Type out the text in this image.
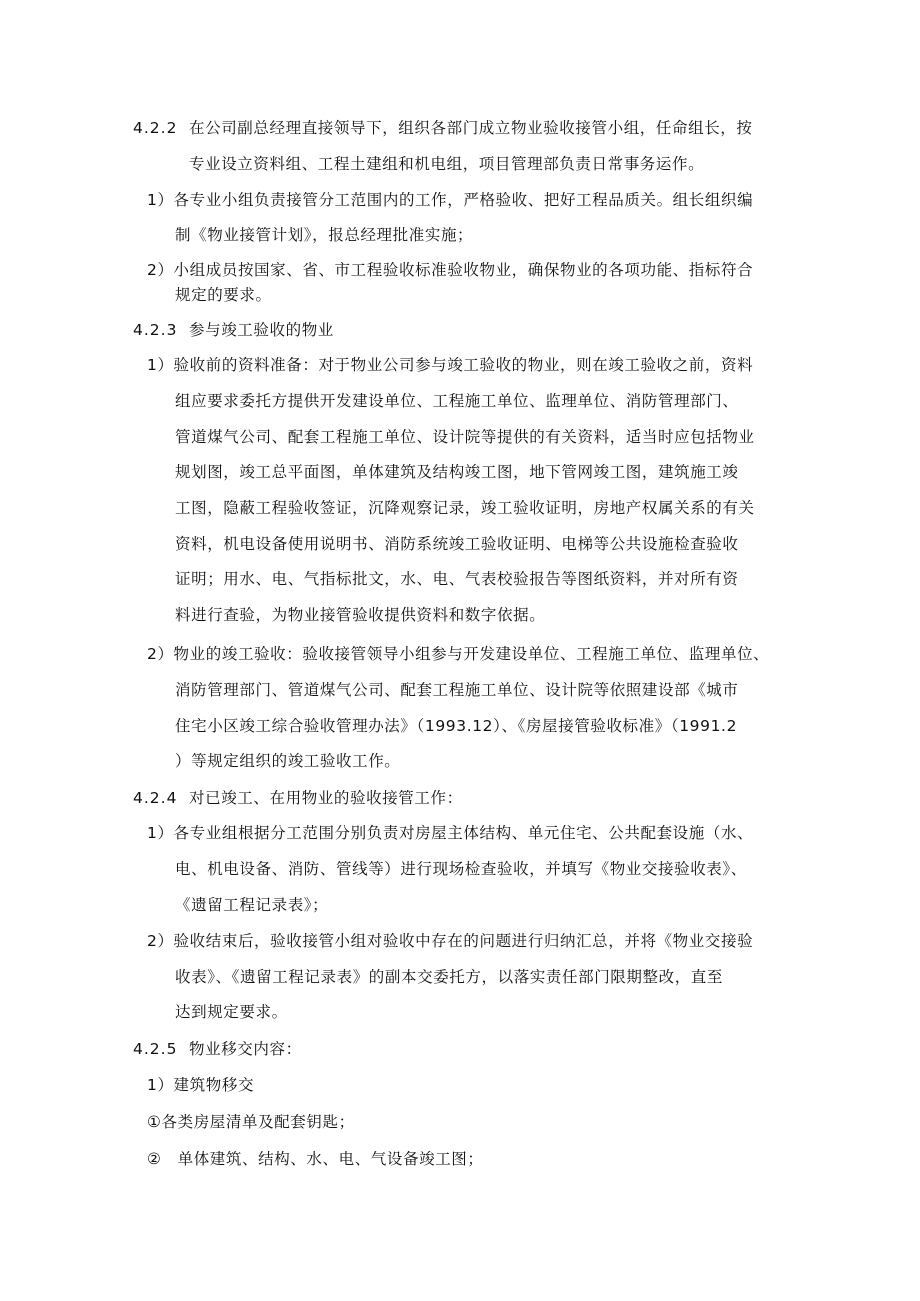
4.2.2 在公司副总经理直接领导下，组织各部门成立物业验收接管小组，任命组长，按
专业设立资料组、工程土建组和机电组，项目管理部负责日常事务运作。
1）各专业小组负责接管分工范围内的工作，严格验收、把好工程品质关。组长组织编
制《物业接管计划》，报总经理批准实施；
2）小组成员按国家、省、市工程验收标准验收物业，确保物业的各项功能、指标符合
规定的要求。
4.2.3 参与竣工验收的物业
1）验收前的资料准备：对于物业公司参与竣工验收的物业，则在竣工验收之前，资料
组应要求委托方提供开发建设单位、工程施工单位、监理单位、消防管理部门、
管道煤气公司、配套工程施工单位、设计院等提供的有关资料，适当时应包括物业
规划图，竣工总平面图，单体建筑及结构竣工图，地下管网竣工图，建筑施工竣
工图，隐蔽工程验收签证，沉降观察记录，竣工验收证明，房地产权属关系的有关
资料，机电设备使用说明书、消防系统竣工验收证明、电梯等公共设施检查验收
证明；用水、电、气指标批文，水、电、气表校验报告等图纸资料，并对所有资
料进行查验，为物业接管验收提供资料和数字依据。
2）物业的竣工验收：验收接管领导小组参与开发建设单位、工程施工单位、监理单位、
消防管理部门、管道煤气公司、配套工程施工单位、设计院等依照建设部《城市
住宅小区竣工综合验收管理办法》（1993.12）、《房屋接管验收标准》（1991.2
）等规定组织的竣工验收工作。
4.2.4 对已竣工、在用物业的验收接管工作：
1）各专业组根据分工范围分别负责对房屋主体结构、单元住宅、公共配套设施（水、
电、机电设备、消防、管线等）进行现场检查验收，并填写《物业交接验收表》、
《遗留工程记录表》；
2）验收结束后，验收接管小组对验收中存在的问题进行归纳汇总，并将《物业交接验
收表》、《遗留工程记录表》的副本交委托方，以落实责任部门限期整改，直至
达到规定要求。
4.2.5 物业移交内容：
1）建筑物移交
①各类房屋清单及配套钥匙；
②　单体建筑、结构、水、电、气设备竣工图；
